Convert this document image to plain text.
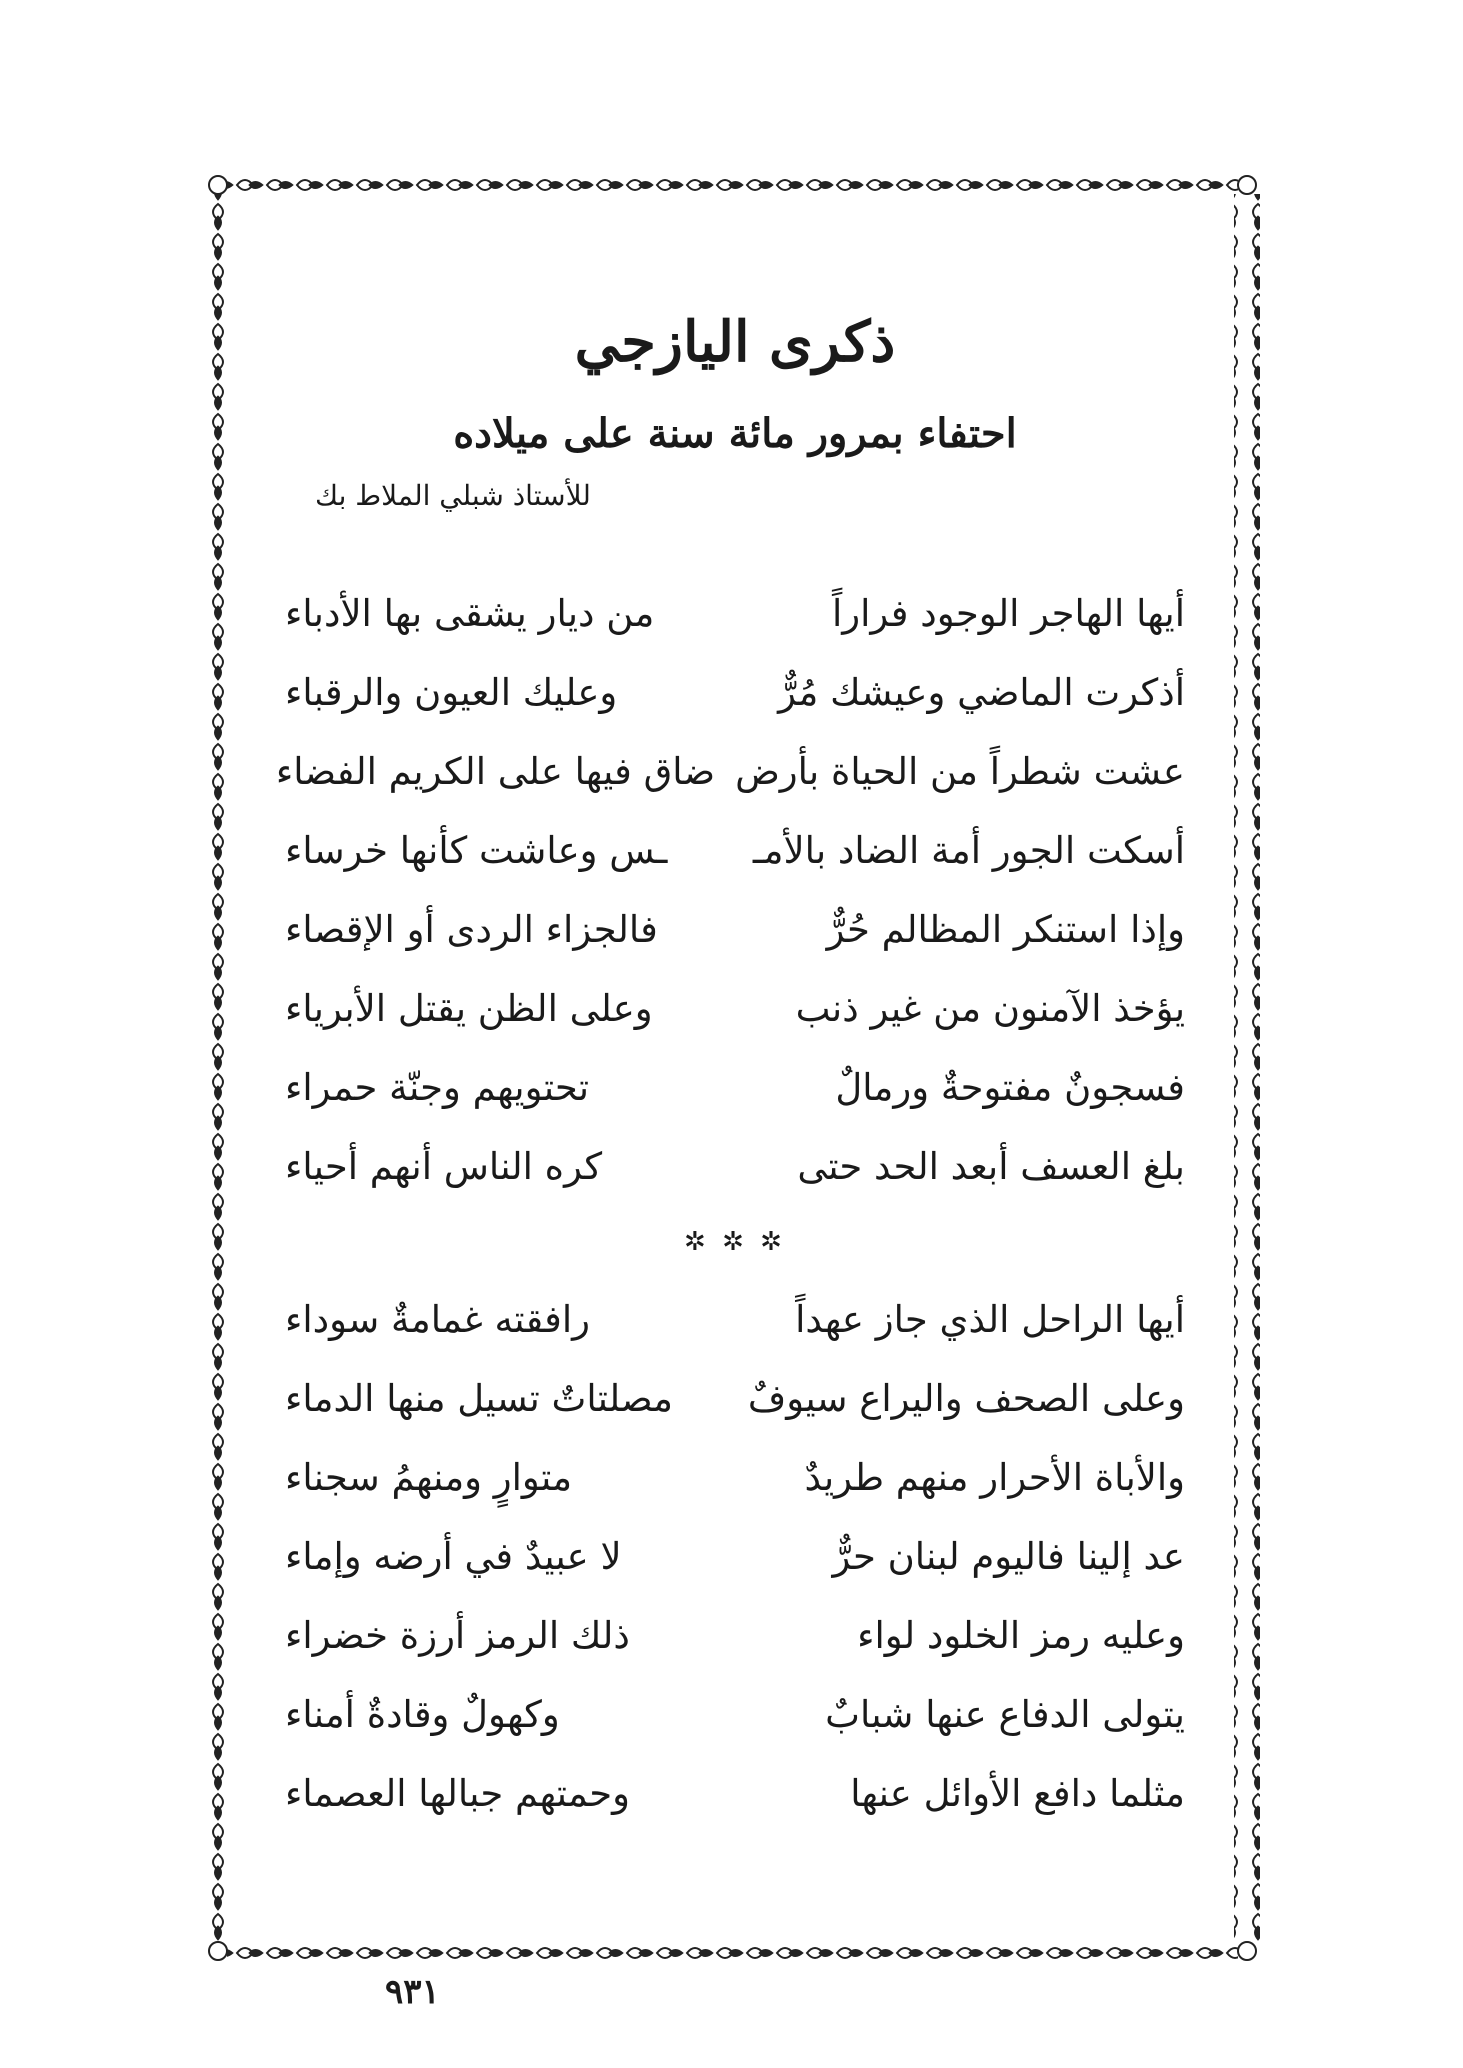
ذكرى اليازجي
احتفاء بمرور مائة سنة على ميلاده
للأستاذ شبلي الملاط بك
أيها الهاجر الوجود فراراً
من ديار يشقى بها الأدباء
أذكرت الماضي وعيشك مُرٌّ
وعليك العيون والرقباء
عشت شطراً من الحياة بأرض
ضاق فيها على الكريم الفضاء
أسكت الجور أمة الضاد بالأمـ
ـس وعاشت كأنها خرساء
وإذا استنكر المظالم حُرٌّ
فالجزاء الردى أو الإقصاء
يؤخذ الآمنون من غير ذنب
وعلى الظن يقتل الأبرياء
فسجونٌ مفتوحةٌ ورمالٌ
تحتويهم وجنّة حمراء
بلغ العسف أبعد الحد حتى
كره الناس أنهم أحياء
✲ ✲ ✲
أيها الراحل الذي جاز عهداً
رافقته غمامةٌ سوداء
وعلى الصحف واليراع سيوفٌ
مصلتاتٌ تسيل منها الدماء
والأباة الأحرار منهم طريدٌ
متوارٍ ومنهمُ سجناء
عد إلينا فاليوم لبنان حرٌّ
لا عبيدٌ في أرضه وإماء
وعليه رمز الخلود لواء
ذلك الرمز أرزة خضراء
يتولى الدفاع عنها شبابٌ
وكهولٌ وقادةٌ أمناء
مثلما دافع الأوائل عنها
وحمتهم جبالها العصماء
٩٣١
